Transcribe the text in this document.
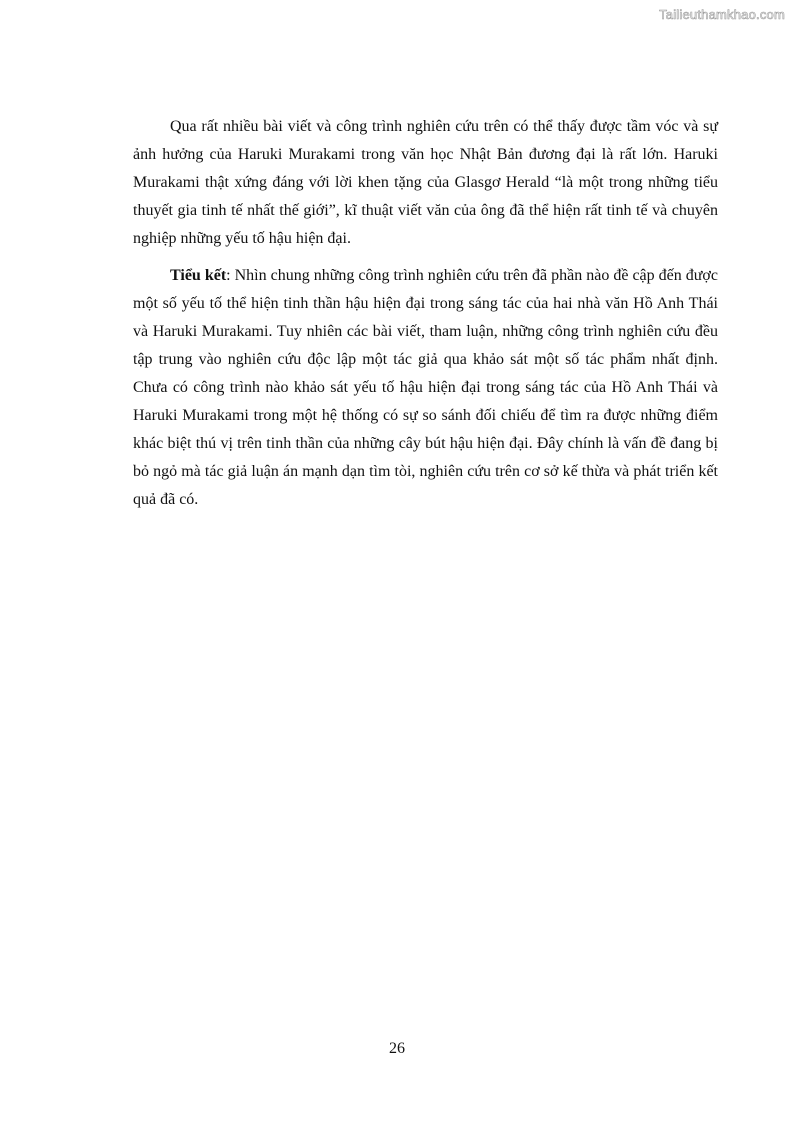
Tailieuthamkhao.com

Qua rất nhiều bài viết và công trình nghiên cứu trên có thể thấy được tầm vóc và sự ảnh hưởng của Haruki Murakami trong văn học Nhật Bản đương đại là rất lớn. Haruki Murakami thật xứng đáng với lời khen tặng của Glasgơ Herald “là một trong những tiểu thuyết gia tinh tế nhất thế giới”, kĩ thuật viết văn của ông đã thể hiện rất tinh tế và chuyên nghiệp những yếu tố hậu hiện đại.

Tiểu kết: Nhìn chung những công trình nghiên cứu trên đã phần nào đề cập đến được một số yếu tố thể hiện tinh thần hậu hiện đại trong sáng tác của hai nhà văn Hồ Anh Thái và Haruki Murakami. Tuy nhiên các bài viết, tham luận, những công trình nghiên cứu đều tập trung vào nghiên cứu độc lập một tác giả qua khảo sát một số tác phẩm nhất định. Chưa có công trình nào khảo sát yếu tố hậu hiện đại trong sáng tác của Hồ Anh Thái và Haruki Murakami trong một hệ thống có sự so sánh đối chiếu để tìm ra được những điểm khác biệt thú vị trên tinh thần của những cây bút hậu hiện đại. Đây chính là vấn đề đang bị bỏ ngỏ mà tác giả luận án mạnh dạn tìm tòi, nghiên cứu trên cơ sở kế thừa và phát triển kết quả đã có.

26
